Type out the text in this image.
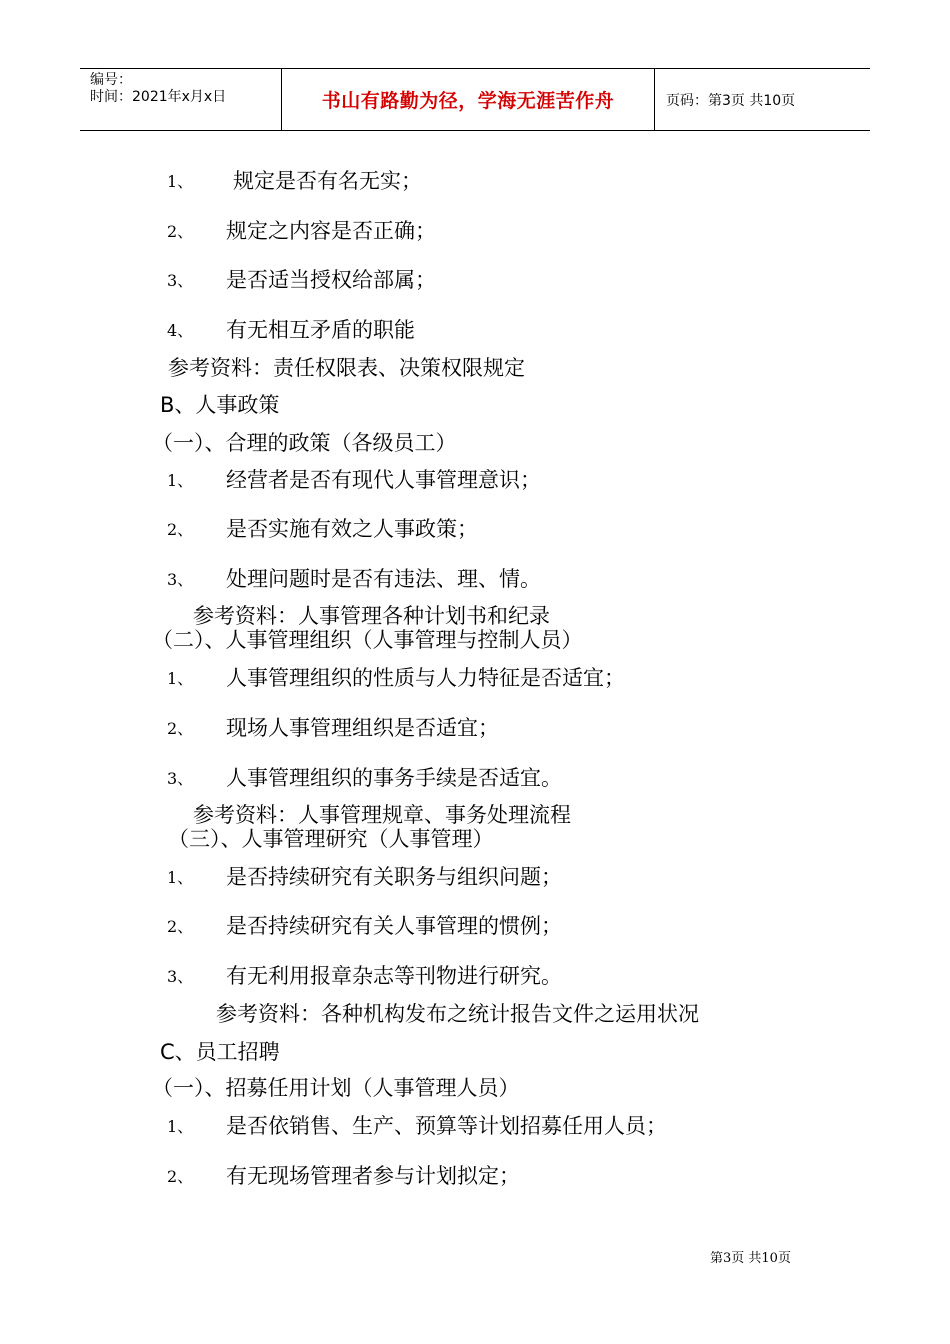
编号：
时间：2021年x月x日	书山有路勤为径，学海无涯苦作舟	页码：第3页 共10页
1、 规定是否有名无实；
2、 规定之内容是否正确；
3、 是否适当授权给部属；
4、 有无相互矛盾的职能
参考资料：责任权限表、决策权限规定
B、人事政策
（一）、合理的政策（各级员工）
1、 经营者是否有现代人事管理意识；
2、 是否实施有效之人事政策；
3、 处理问题时是否有违法、理、情。
参考资料：人事管理各种计划书和纪录
（二）、人事管理组织（人事管理与控制人员）
1、 人事管理组织的性质与人力特征是否适宜；
2、 现场人事管理组织是否适宜；
3、 人事管理组织的事务手续是否适宜。
参考资料：人事管理规章、事务处理流程
（三）、人事管理研究（人事管理）
1、 是否持续研究有关职务与组织问题；
2、 是否持续研究有关人事管理的惯例；
3、 有无利用报章杂志等刊物进行研究。
参考资料：各种机构发布之统计报告文件之运用状况
C、员工招聘
（一）、招募任用计划（人事管理人员）
1、 是否依销售、生产、预算等计划招募任用人员；
2、 有无现场管理者参与计划拟定；
第3页 共10页
